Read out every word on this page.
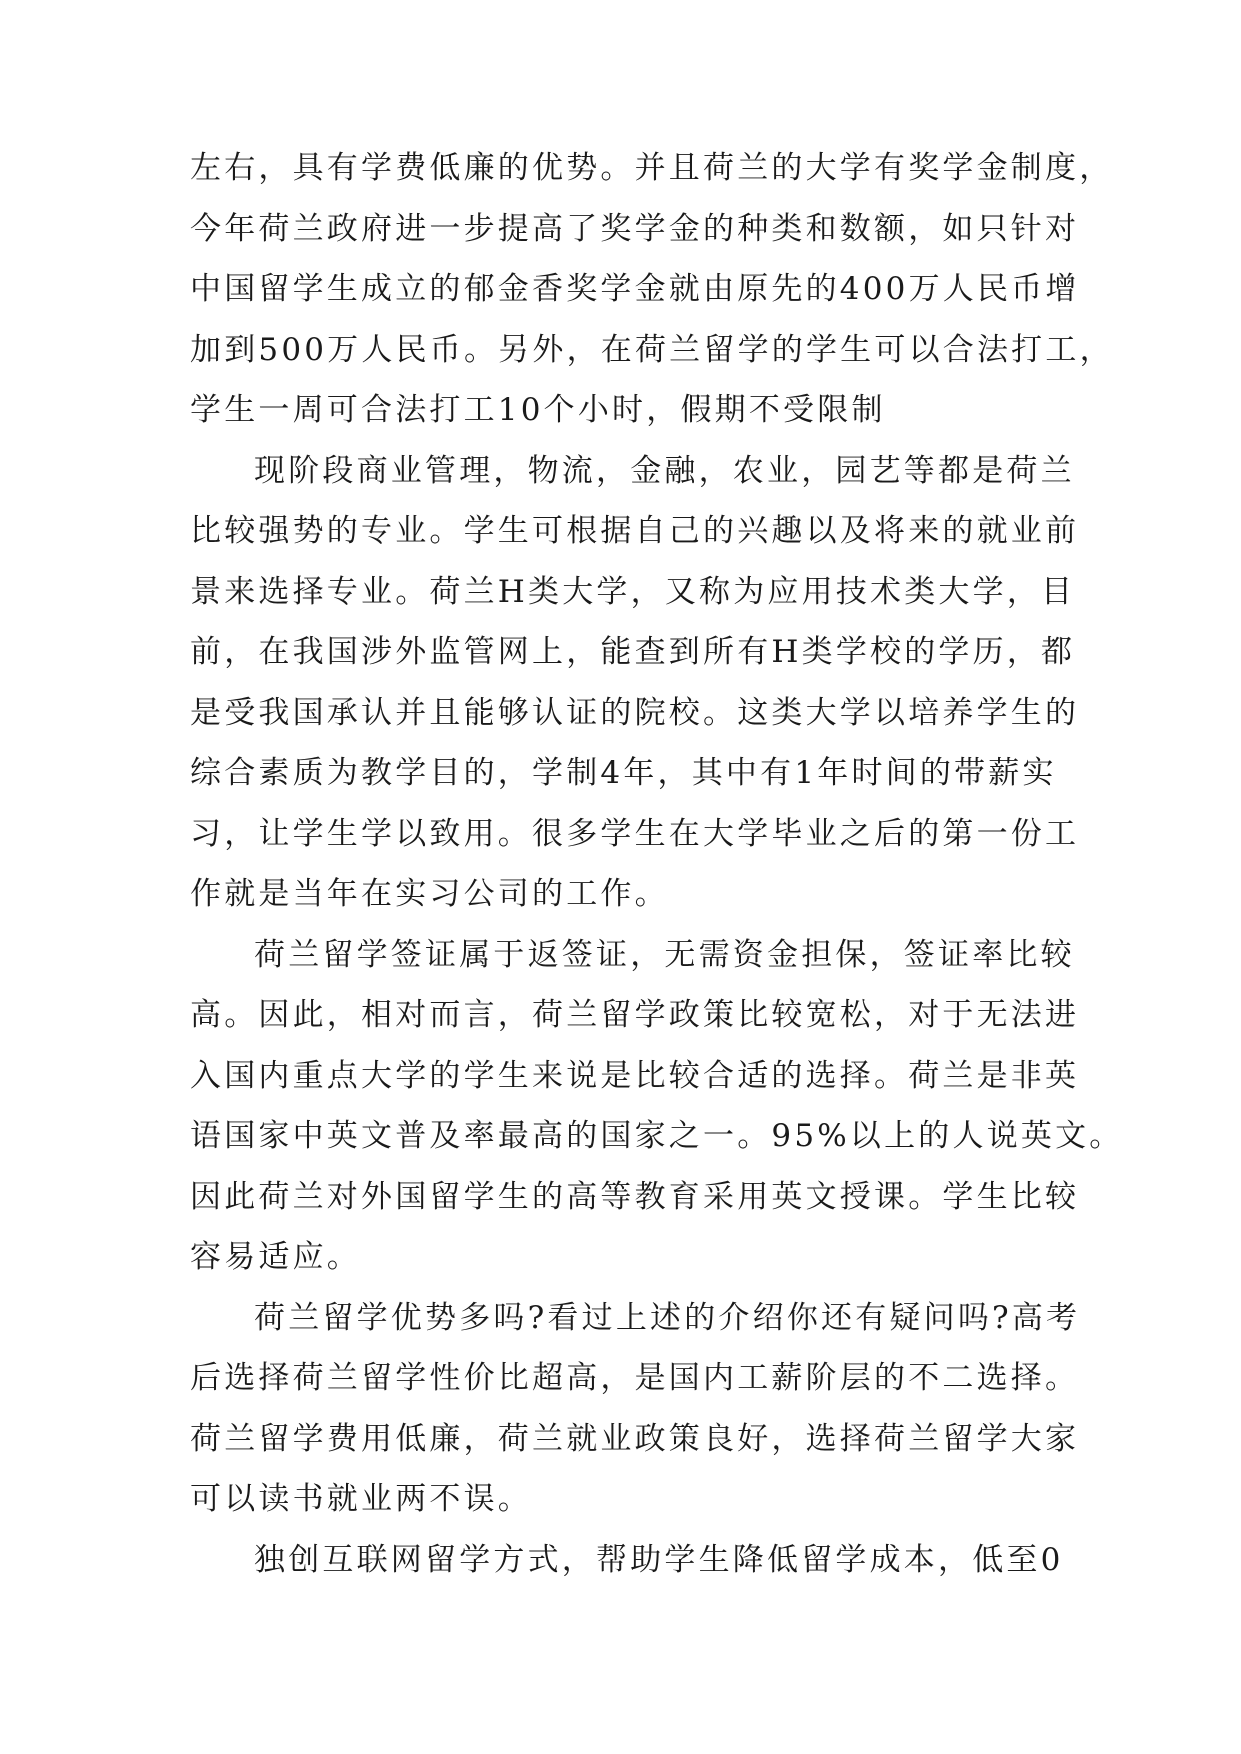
左右，具有学费低廉的优势。并且荷兰的大学有奖学金制度，
今年荷兰政府进一步提高了奖学金的种类和数额，如只针对
中国留学生成立的郁金香奖学金就由原先的400万人民币增
加到500万人民币。另外，在荷兰留学的学生可以合法打工，
学生一周可合法打工10个小时，假期不受限制
现阶段商业管理，物流，金融，农业，园艺等都是荷兰
比较强势的专业。学生可根据自己的兴趣以及将来的就业前
景来选择专业。荷兰H类大学，又称为应用技术类大学，目
前，在我国涉外监管网上，能查到所有H类学校的学历，都
是受我国承认并且能够认证的院校。这类大学以培养学生的
综合素质为教学目的，学制4年，其中有1年时间的带薪实
习，让学生学以致用。很多学生在大学毕业之后的第一份工
作就是当年在实习公司的工作。
荷兰留学签证属于返签证，无需资金担保，签证率比较
高。因此，相对而言，荷兰留学政策比较宽松，对于无法进
入国内重点大学的学生来说是比较合适的选择。荷兰是非英
语国家中英文普及率最高的国家之一。95%以上的人说英文。
因此荷兰对外国留学生的高等教育采用英文授课。学生比较
容易适应。
荷兰留学优势多吗?看过上述的介绍你还有疑问吗?高考
后选择荷兰留学性价比超高，是国内工薪阶层的不二选择。
荷兰留学费用低廉，荷兰就业政策良好，选择荷兰留学大家
可以读书就业两不误。
独创互联网留学方式，帮助学生降低留学成本，低至0
